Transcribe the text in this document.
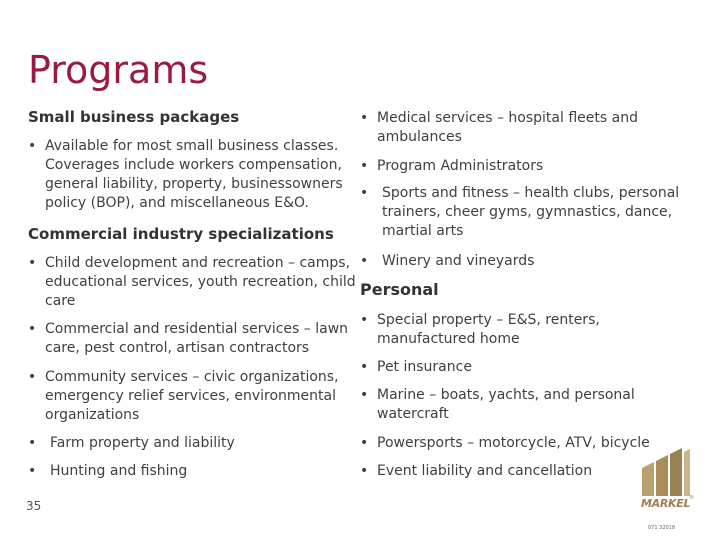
Programs
Small business packages
• Available for most small business classes. Coverages include workers compensation, general liability, property, businessowners policy (BOP), and miscellaneous E&O.
Commercial industry specializations
• Child development and recreation – camps, educational services, youth recreation, child care
• Commercial and residential services – lawn care, pest control, artisan contractors
• Community services – civic organizations, emergency relief services, environmental organizations
• Farm property and liability
• Hunting and fishing
• Medical services – hospital fleets and ambulances
• Program Administrators
• Sports and fitness – health clubs, personal trainers, cheer gyms, gymnastics, dance, martial arts
• Winery and vineyards
Personal
• Special property – E&S, renters, manufactured home
• Pet insurance
• Marine – boats, yachts, and personal watercraft
• Powersports – motorcycle, ATV, bicycle
• Event liability and cancellation
35	MARKEL
®
071 32018
